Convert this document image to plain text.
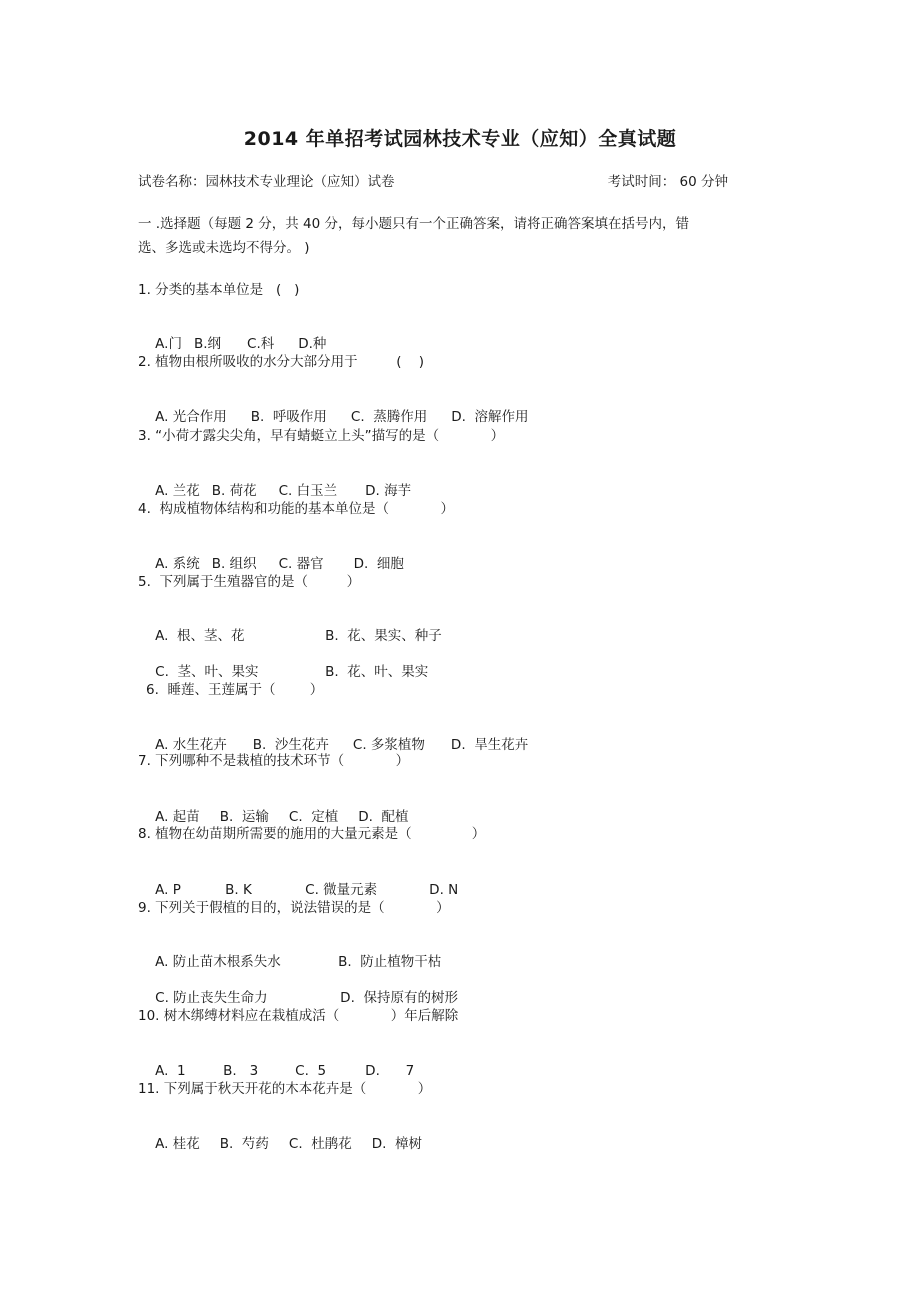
2014 年单招考试园林技术专业（应知）全真试题
试卷名称：园林技术专业理论（应知）试卷	考试时间： 60 分钟
一 .选择题（每题 2 分，共 40 分，每小题只有一个正确答案，请将正确答案填在括号内，错
选、多选或未选均不得分。 )
1. 分类的基本单位是   (   )

A.门 B.纲 C.科 D.种

2. 植物由根所吸收的水分大部分用于         (    )

A. 光合作用 B.  呼吸作用 C.  蒸腾作用 D.  溶解作用

3. “小荷才露尖尖角，早有蜻蜓立上头”描写的是（            ）

A. 兰花 B. 荷花 C. 白玉兰 D. 海芋

4.  构成植物体结构和功能的基本单位是（            ）

A. 系统 B. 组织 C. 器官 D.  细胞

5.  下列属于生殖器官的是（         ）

A.  根、茎、花	B.  花、果实、种子

C.  茎、叶、果实	B.  花、叶、果实

6.  睡莲、王莲属于（        ）

A. 水生花卉 B.  沙生花卉 C. 多浆植物 D.  旱生花卉

7. 下列哪种不是栽植的技术环节（            ）

A. 起苗 B.  运输 C.  定植 D.  配植

8. 植物在幼苗期所需要的施用的大量元素是（              ）

A. P	B. K	C. 微量元素	D. N

9. 下列关于假植的目的，说法错误的是（            ）

A. 防止苗木根系失水	B.  防止植物干枯

C. 防止丧失生命力	D.  保持原有的树形

10. 树木绑缚材料应在栽植成活（            ）年后解除

A.  1	B.   3	C.  5	D.      7

11. 下列属于秋天开花的木本花卉是（            ）

A. 桂花 B.  芍药 C.  杜鹃花 D.  樟树
